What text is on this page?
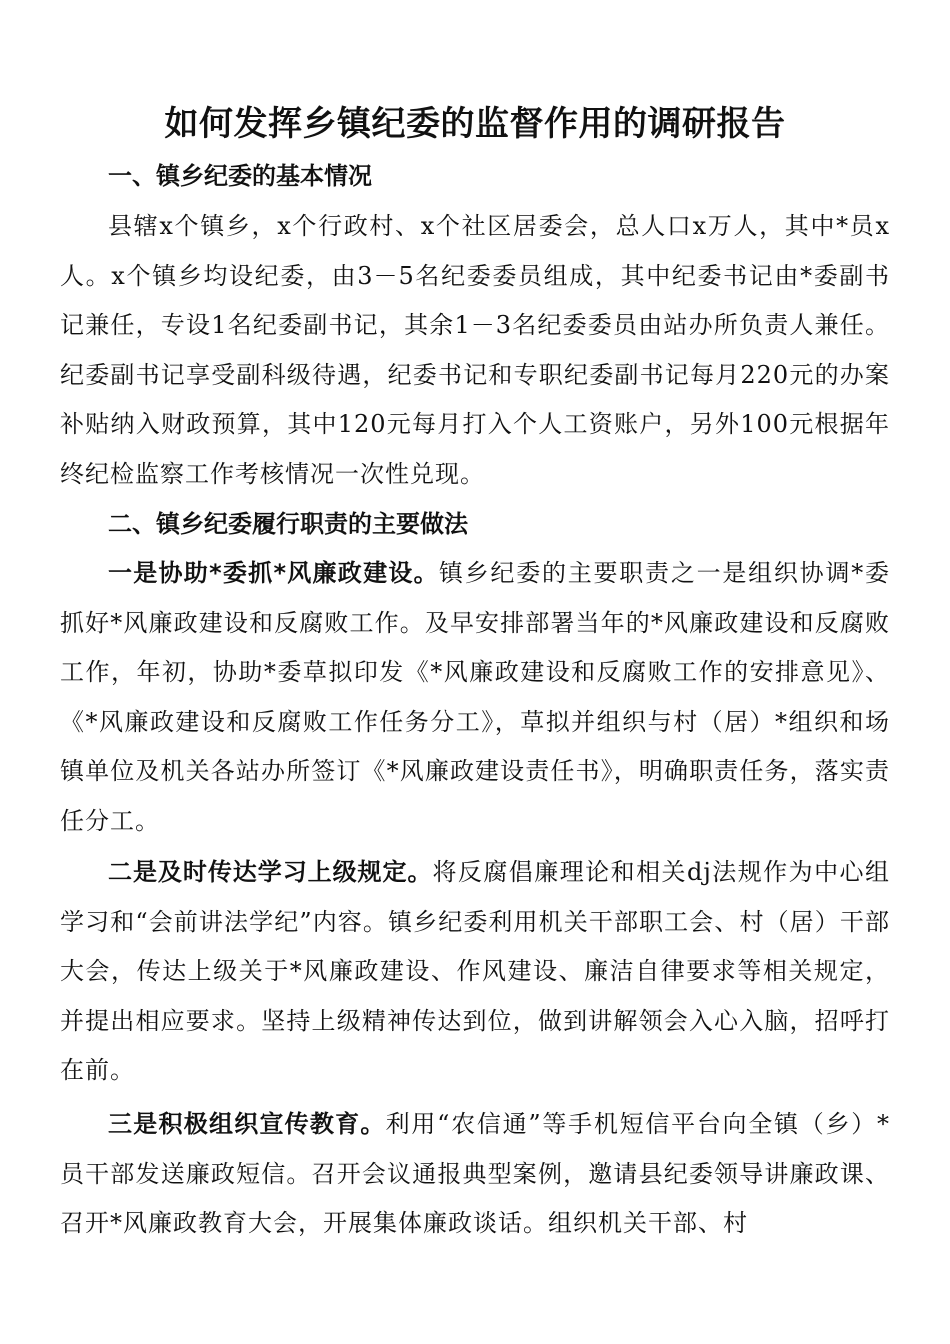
如何发挥乡镇纪委的监督作用的调研报告
一、镇乡纪委的基本情况
县辖x个镇乡，x个行政村、x个社区居委会，总人口x万人，其中*员x人。x个镇乡均设纪委，由3－5名纪委委员组成，其中纪委书记由*委副书记兼任，专设1名纪委副书记，其余1－3名纪委委员由站办所负责人兼任。纪委副书记享受副科级待遇，纪委书记和专职纪委副书记每月220元的办案补贴纳入财政预算，其中120元每月打入个人工资账户，另外100元根据年终纪检监察工作考核情况一次性兑现。
二、镇乡纪委履行职责的主要做法
一是协助*委抓*风廉政建设。镇乡纪委的主要职责之一是组织协调*委抓好*风廉政建设和反腐败工作。及早安排部署当年的*风廉政建设和反腐败工作，年初，协助*委草拟印发《*风廉政建设和反腐败工作的安排意见》、《*风廉政建设和反腐败工作任务分工》，草拟并组织与村（居）*组织和场镇单位及机关各站办所签订《*风廉政建设责任书》，明确职责任务，落实责任分工。
二是及时传达学习上级规定。将反腐倡廉理论和相关dj法规作为中心组学习和“会前讲法学纪”内容。镇乡纪委利用机关干部职工会、村（居）干部大会，传达上级关于*风廉政建设、作风建设、廉洁自律要求等相关规定，并提出相应要求。坚持上级精神传达到位，做到讲解领会入心入脑，招呼打在前。
三是积极组织宣传教育。利用“农信通”等手机短信平台向全镇（乡）*员干部发送廉政短信。召开会议通报典型案例，邀请县纪委领导讲廉政课、召开*风廉政教育大会，开展集体廉政谈话。组织机关干部、村
